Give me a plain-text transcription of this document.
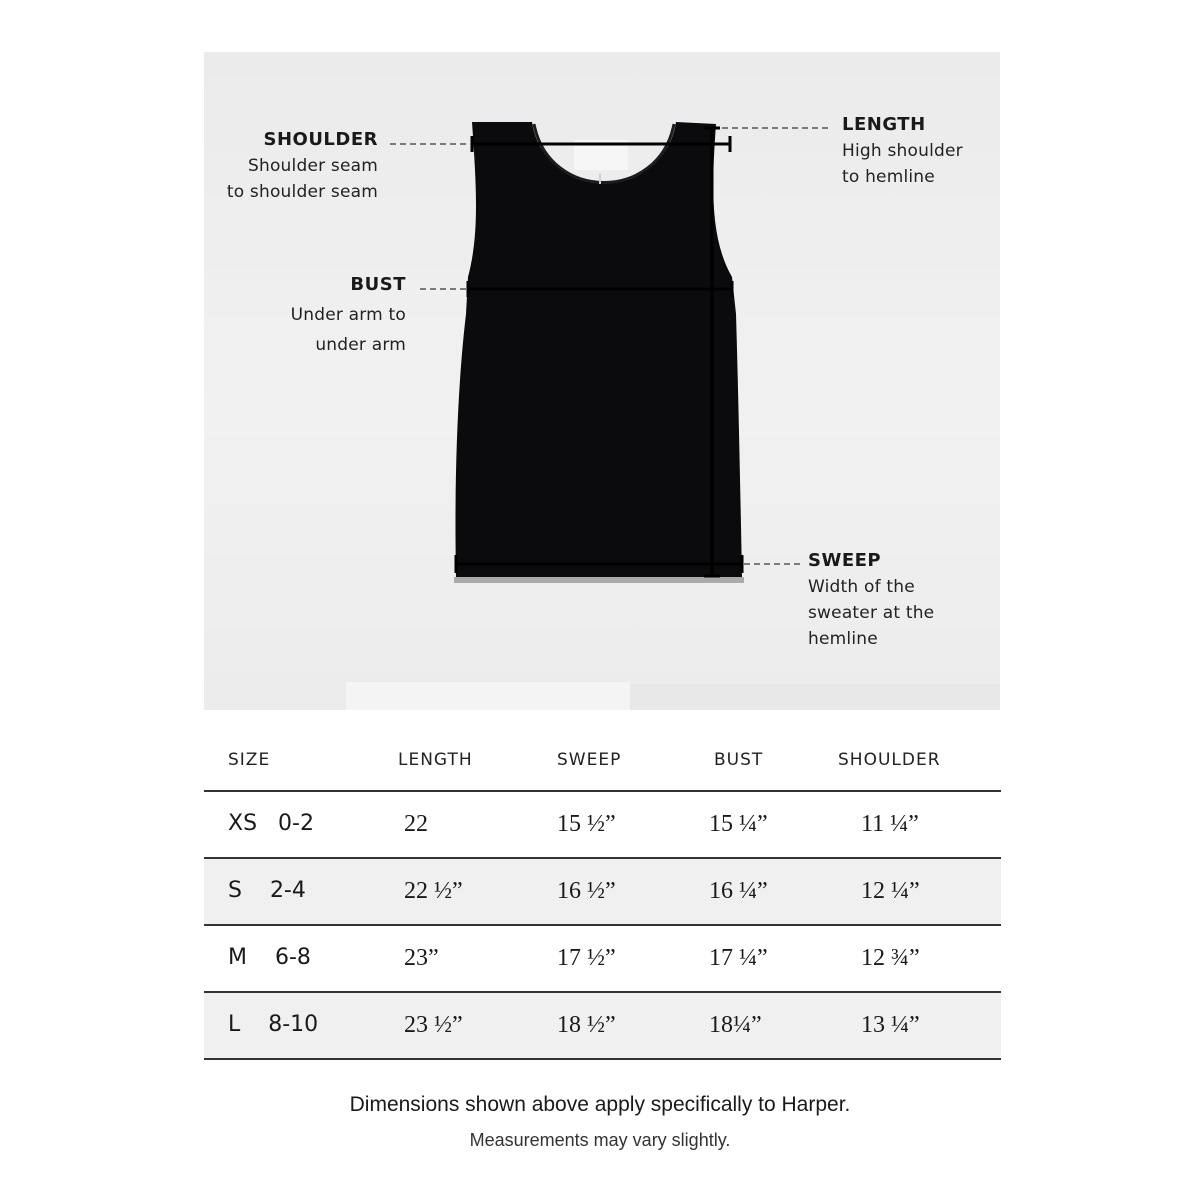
SHOULDER
Shoulder seam
to shoulder seam
LENGTH
High shoulder
to hemline
BUST
Under arm to
under arm
SWEEP
Width of the
sweater at the
hemline
SIZE	LENGTH	SWEEP	BUST	SHOULDER
XS   0-2	22	15 ½”	15 ¼”	11 ¼”
S    2-4	22 ½”	16 ½”	16 ¼”	12 ¼”
M    6-8	23”	17 ½”	17 ¼”	12 ¾”
L    8-10	23 ½”	18 ½”	18¼”	13 ¼”
Dimensions shown above apply specifically to Harper.
Measurements may vary slightly.
